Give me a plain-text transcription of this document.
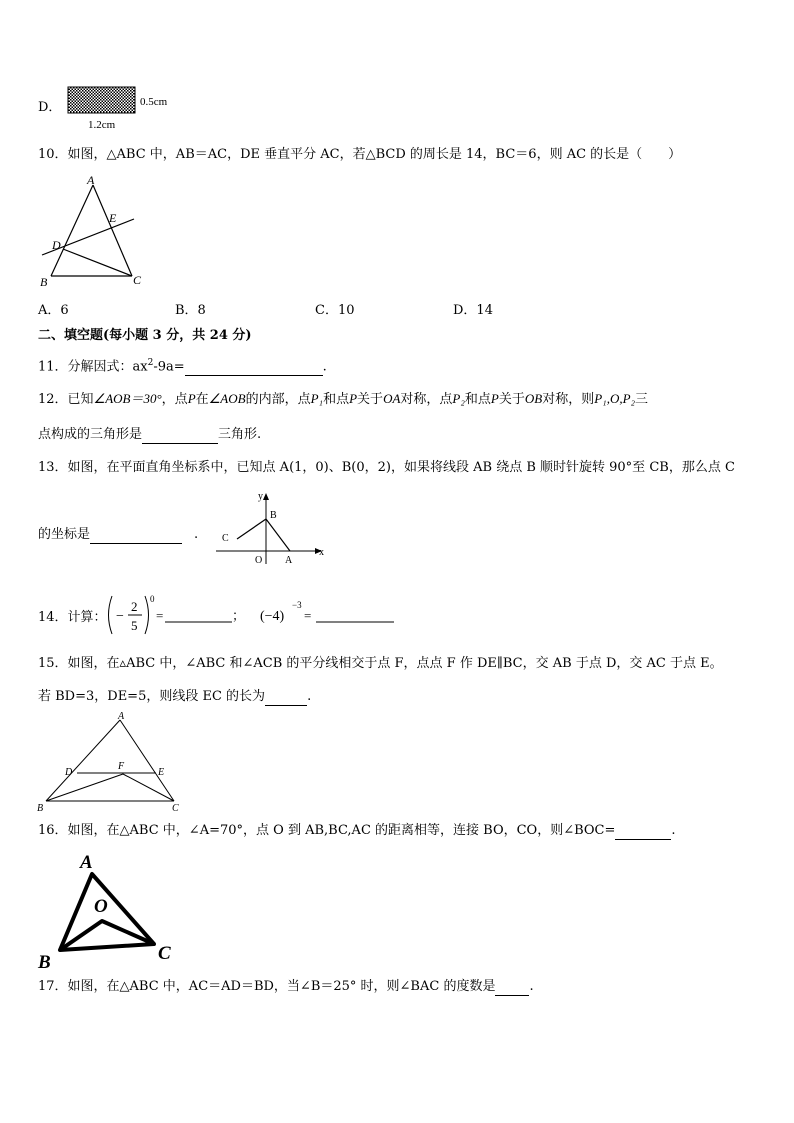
D．	0.5cm
1.2cm
10．如图，△ABC 中，AB＝AC，DE 垂直平分 AC，若△BCD 的周长是 14，BC＝6，则 AC 的长是（　　）
A
E
D
B	C
A．6	B．8	C．10	D．14
二、填空题(每小题 3 分，共 24 分)
11．分解因式：$ax^2-9a=$	.
12．已知∠AOB＝30°，点P在∠AOB的内部，点P₁和点P关于OA对称，点P₂和点P关于OB对称，则P₁,O,P₂三
点构成的三角形是	三角形.
13．如图，在平面直角坐标系中，已知点 A(1，0)、B(0，2)，如果将线段 AB 绕点 B 顺时针旋转 90°至 CB，那么点 C
的坐标是	.
y
x
B
C
O A
14．计算： −
2
5
0
=	； (−4)
−3
=
15．如图，在▵ABC 中，∠ABC 和∠ACB 的平分线相交于点 F，点点 F 作 DE∥BC，交 AB 于点 D，交 AC 于点 E。
若 BD=3，DE=5，则线段 EC 的长为	.
A
D
F
E
B	C
16．如图，在△ABC 中，∠A=70°，点 O 到 AB,BC,AC 的距离相等，连接 BO，CO，则∠BOC=	.
A
O
B	C
17．如图，在△ABC 中，AC＝AD＝BD，当∠B＝25° 时，则∠BAC 的度数是	.
